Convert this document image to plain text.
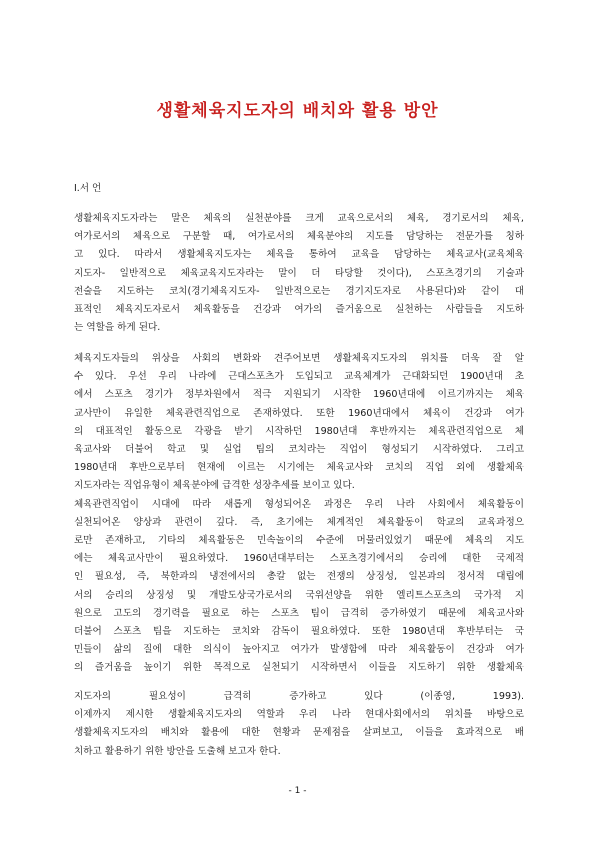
생활체육지도자의 배치와 활용 방안
I.서 언
생활체육지도자라는 말은 체육의 실천분야를 크게 교육으로서의 체육, 경기로서의 체육,
여가로서의 체육으로 구분할 때, 여가로서의 체육분야의 지도를 담당하는 전문가를 칭하
고 있다. 따라서 생활체육지도자는 체육을 통하여 교육을 담당하는 체육교사(교육체육
지도자- 일반적으로 체육교육지도자라는 말이 더 타당할 것이다), 스포츠경기의 기술과
전술을 지도하는 코치(경기체육지도자- 일반적으로는 경기지도자로 사용된다)와 같이 대
표적인 체육지도자로서 체육활동을 건강과 여가의 즐거움으로 실천하는 사람들을 지도하
는 역할을 하게 된다.
체육지도자들의 위상을 사회의 변화와 견주어보면 생활체육지도자의 위치를 더욱 잘 알
수 있다. 우선 우리 나라에 근대스포츠가 도입되고 교육체계가 근대화되던 1900년대 초
에서 스포츠 경기가 정부차원에서 적극 지원되기 시작한 1960년대에 이르기까지는 체육
교사만이 유일한 체육관련직업으로 존재하였다. 또한 1960년대에서 체육이 건강과 여가
의 대표적인 활동으로 각광을 받기 시작하던 1980년대 후반까지는 체육관련직업으로 체
육교사와 더불어 학교 및 실업 팀의 코치라는 직업이 형성되기 시작하였다. 그리고
1980년대 후반으로부터 현재에 이르는 시기에는 체육교사와 코치의 직업 외에 생활체육
지도자라는 직업유형이 체육분야에 급격한 성장추세를 보이고 있다.
체육관련직업이 시대에 따라 새롭게 형성되어온 과정은 우리 나라 사회에서 체육활동이
실천되어온 양상과 관련이 깊다. 즉, 초기에는 체계적인 체육활동이 학교의 교육과정으
로만 존재하고, 기타의 체육활동은 민속놀이의 수준에 머물러있었기 때문에 체육의 지도
에는 체육교사만이 필요하였다. 1960년대부터는 스포츠경기에서의 승리에 대한 국제적
인 필요성, 즉, 북한과의 냉전에서의 총칼 없는 전쟁의 상징성, 일본과의 정서적 대립에
서의 승리의 상징성 및 개발도상국가로서의 국위선양을 위한 엘리트스포츠의 국가적 지
원으로 고도의 경기력을 필요로 하는 스포츠 팀이 급격히 증가하였기 때문에 체육교사와
더불어 스포츠 팀을 지도하는 코치와 감독이 필요하였다. 또한 1980년대 후반부터는 국
민들이 삶의 질에 대한 의식이 높아지고 여가가 발생함에 따라 체육활동이 건강과 여가
의 즐거움을 높이기 위한 목적으로 실천되기 시작하면서 이들을 지도하기 위한 생활체육
지도자의 필요성이 급격히 증가하고 있다 (이종영, 1993).
이제까지 제시한 생활체육지도자의 역할과 우리 나라 현대사회에서의 위치를 바탕으로
생활체육지도자의 배치와 활용에 대한 현황과 문제점을 살펴보고, 이들을 효과적으로 배
치하고 활용하기 위한 방안을 도출해 보고자 한다.
- 1 -
